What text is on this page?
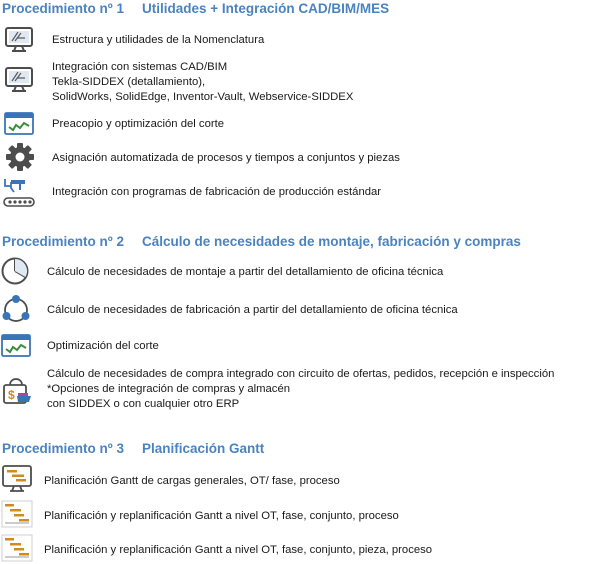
Procedimiento nº 1 Utilidades + Integración CAD/BIM/MES
Estructura y utilidades de la Nomenclatura
Integración con sistemas CAD/BIM
Tekla-SIDDEX (detallamiento),
SolidWorks, SolidEdge, Inventor-Vault, Webservice-SIDDEX
Preacopio y optimización del corte
Asignación automatizada de procesos y tiempos a conjuntos y piezas
Integración con programas de fabricación de producción estándar
Procedimiento nº 2 Cálculo de necesidades de montaje, fabricación y compras
Cálculo de necesidades de montaje a partir del detallamiento de oficina técnica
Cálculo de necesidades de fabricación a partir del detallamiento de oficina técnica
Optimización del corte
$
Cálculo de necesidades de compra integrado con circuito de ofertas, pedidos, recepción e inspección
*Opciones de integración de compras y almacén
con SIDDEX o con cualquier otro ERP
Procedimiento nº 3 Planificación Gantt
Planificación Gantt de cargas generales, OT/ fase, proceso
Planificación y replanificación Gantt a nivel OT, fase, conjunto, proceso
Planificación y replanificación Gantt a nivel OT, fase, conjunto, pieza, proceso
